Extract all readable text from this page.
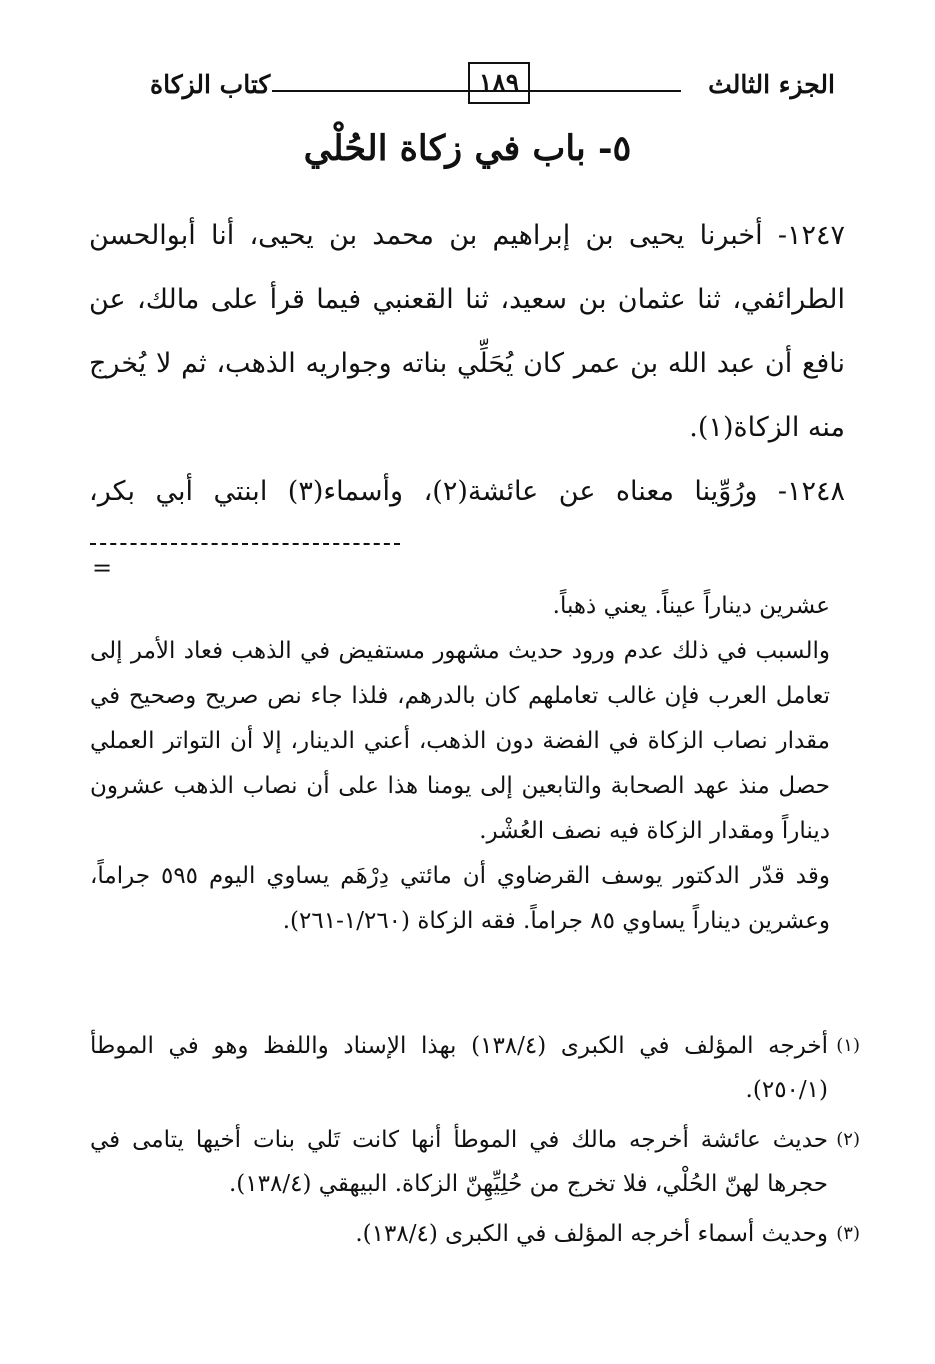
الجزء الثالث
١٨٩
كتاب الزكاة
٥- باب في زكاة الحُلْي

١٢٤٧- أخبرنا يحيى بن إبراهيم بن محمد بن يحيى، أنا أبوالحسن الطرائفي، ثنا عثمان بن سعيد، ثنا القعنبي فيما قرأ على مالك، عن نافع أن عبد الله بن عمر كان يُحَلِّي بناته وجواريه الذهب، ثم لا يُخرج منه الزكاة(١).

١٢٤٨- ورُوِّينا معناه عن عائشة(٢)، وأسماء(٣) ابنتي أبي بكر،

=

عشرين ديناراً عيناً. يعني ذهباً.

والسبب في ذلك عدم ورود حديث مشهور مستفيض في الذهب فعاد الأمر إلى تعامل العرب فإن غالب تعاملهم كان بالدرهم، فلذا جاء نص صريح وصحيح في مقدار نصاب الزكاة في الفضة دون الذهب، أعني الدينار، إلا أن التواتر العملي حصل منذ عهد الصحابة والتابعين إلى يومنا هذا على أن نصاب الذهب عشرون ديناراً ومقدار الزكاة فيه نصف العُشْر.

وقد قدّر الدكتور يوسف القرضاوي أن مائتي دِرْهَم يساوي اليوم ٥٩٥ جراماً، وعشرين ديناراً يساوي ٨٥ جراماً. فقه الزكاة (١/٢٦٠-٢٦١).

(١)
أخرجه المؤلف في الكبرى (١٣٨/٤) بهذا الإسناد واللفظ وهو في الموطأ (٢٥٠/١).
(٢)
حديث عائشة أخرجه مالك في الموطأ أنها كانت تَلي بنات أخيها يتامى في حجرها لهنّ الحُلْي، فلا تخرج من حُلِيِّهِنّ الزكاة. البيهقي (١٣٨/٤).
(٣)
وحديث أسماء أخرجه المؤلف في الكبرى (١٣٨/٤).
